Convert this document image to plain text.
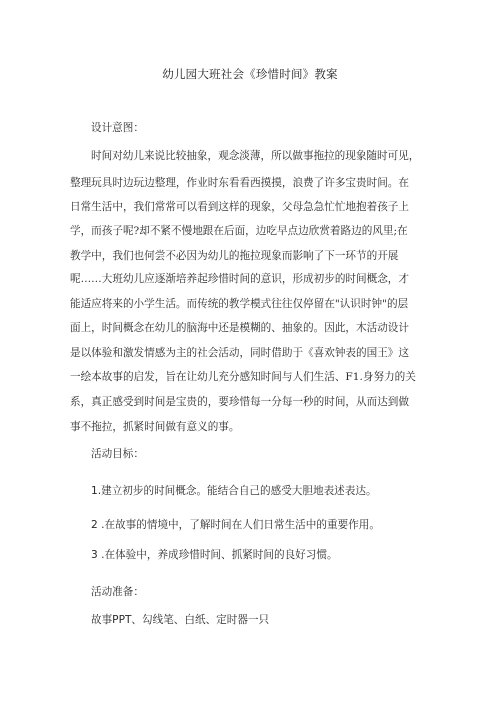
幼儿园大班社会《珍惜时间》教案
设计意图：
时间对幼儿来说比较抽象，观念淡薄，所以做事拖拉的现象随时可见，
整理玩具时边玩边整理，作业时东看看西摸摸，浪费了许多宝贵时间。在
日常生活中，我们常常可以看到这样的现象，父母急急忙忙地抱着孩子上
学，而孩子呢?却不紧不慢地跟在后面，边吃早点边欣赏着路边的风里;在
教学中，我们也何尝不必因为幼儿的拖拉现象而影响了下一环节的开展
呢……大班幼儿应逐渐培养起珍惜时间的意识，形成初步的时间概念，才
能适应将来的小学生活。而传统的教学模式往往仅停留在"认识时钟"的层
面上，时间概念在幼儿的脑海中还是模糊的、抽象的。因此，木活动设计
是以体验和激发情感为主的社会活动，同时借助于《喜欢钟表的国王》这
一绘本故事的启发，旨在让幼儿充分感知时间与人们生活、F1.身努力的关
系，真正感受到时间是宝贵的，要珍惜每一分每一秒的时间，从而达到做
事不拖拉，抓紧时间做有意义的事。
活动目标：
1.建立初步的时间概念。能结合自己的感受大胆地表述表达。
2 .在故事的情境中，了解时间在人们日常生活中的重要作用。
3 .在体验中，养成珍惜时间、抓紧时间的良好习惯。
活动准备：
故事PPT、勾线笔、白纸、定时器一只
